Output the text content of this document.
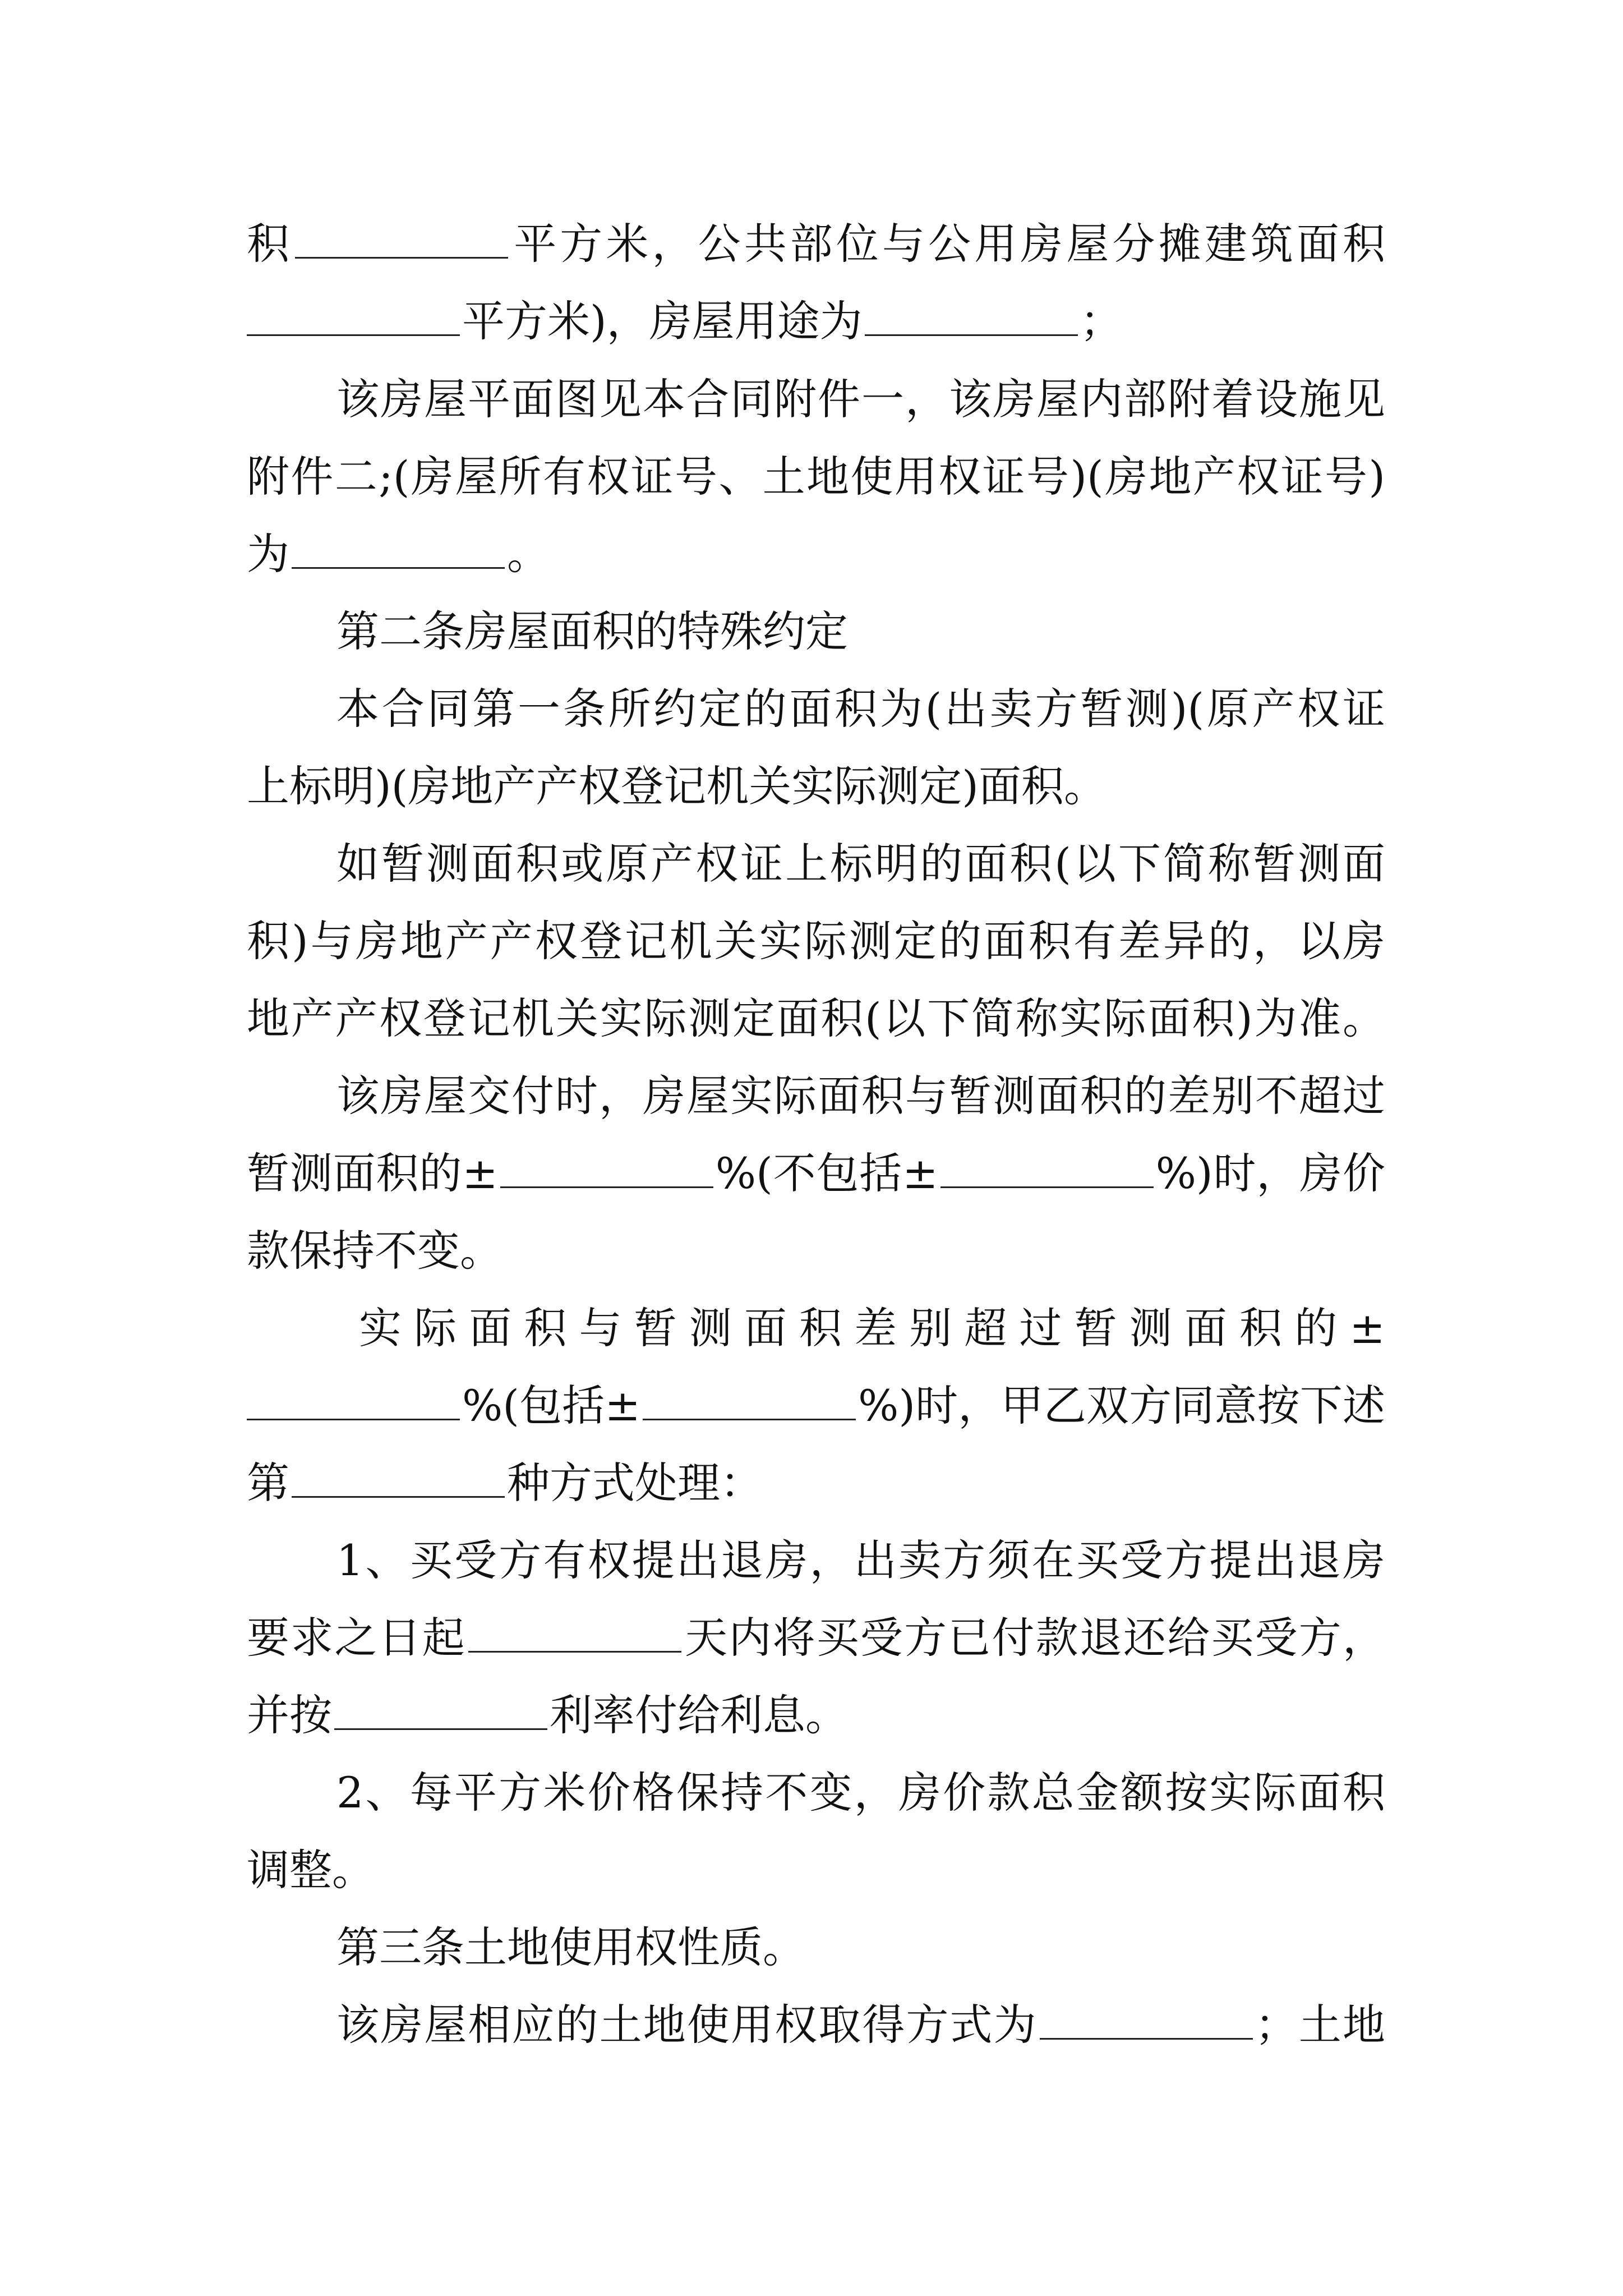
积	平方米，公共部位与公用房屋分摊建筑面积
平方米)，房屋用途为	；
该房屋平面图见本合同附件一，该房屋内部附着设施见
附件二;(房屋所有权证号、土地使用权证号)(房地产权证号)
为	。
第二条房屋面积的特殊约定
本合同第一条所约定的面积为(出卖方暂测)(原产权证
上标明)(房地产产权登记机关实际测定)面积。
如暂测面积或原产权证上标明的面积(以下简称暂测面
积)与房地产产权登记机关实际测定的面积有差异的，以房
地产产权登记机关实际测定面积(以下简称实际面积)为准。
该房屋交付时，房屋实际面积与暂测面积的差别不超过
暂测面积的±	%(不包括±	%)时，房价
款保持不变。
实际面积与暂测面积差别超过暂测面积的±
%(包括±	%)时，甲乙双方同意按下述
第	种方式处理：
1、买受方有权提出退房，出卖方须在买受方提出退房
要求之日起	天内将买受方已付款退还给买受方，
并按	利率付给利息。
2、每平方米价格保持不变，房价款总金额按实际面积
调整。
第三条土地使用权性质。
该房屋相应的土地使用权取得方式为	；土地
